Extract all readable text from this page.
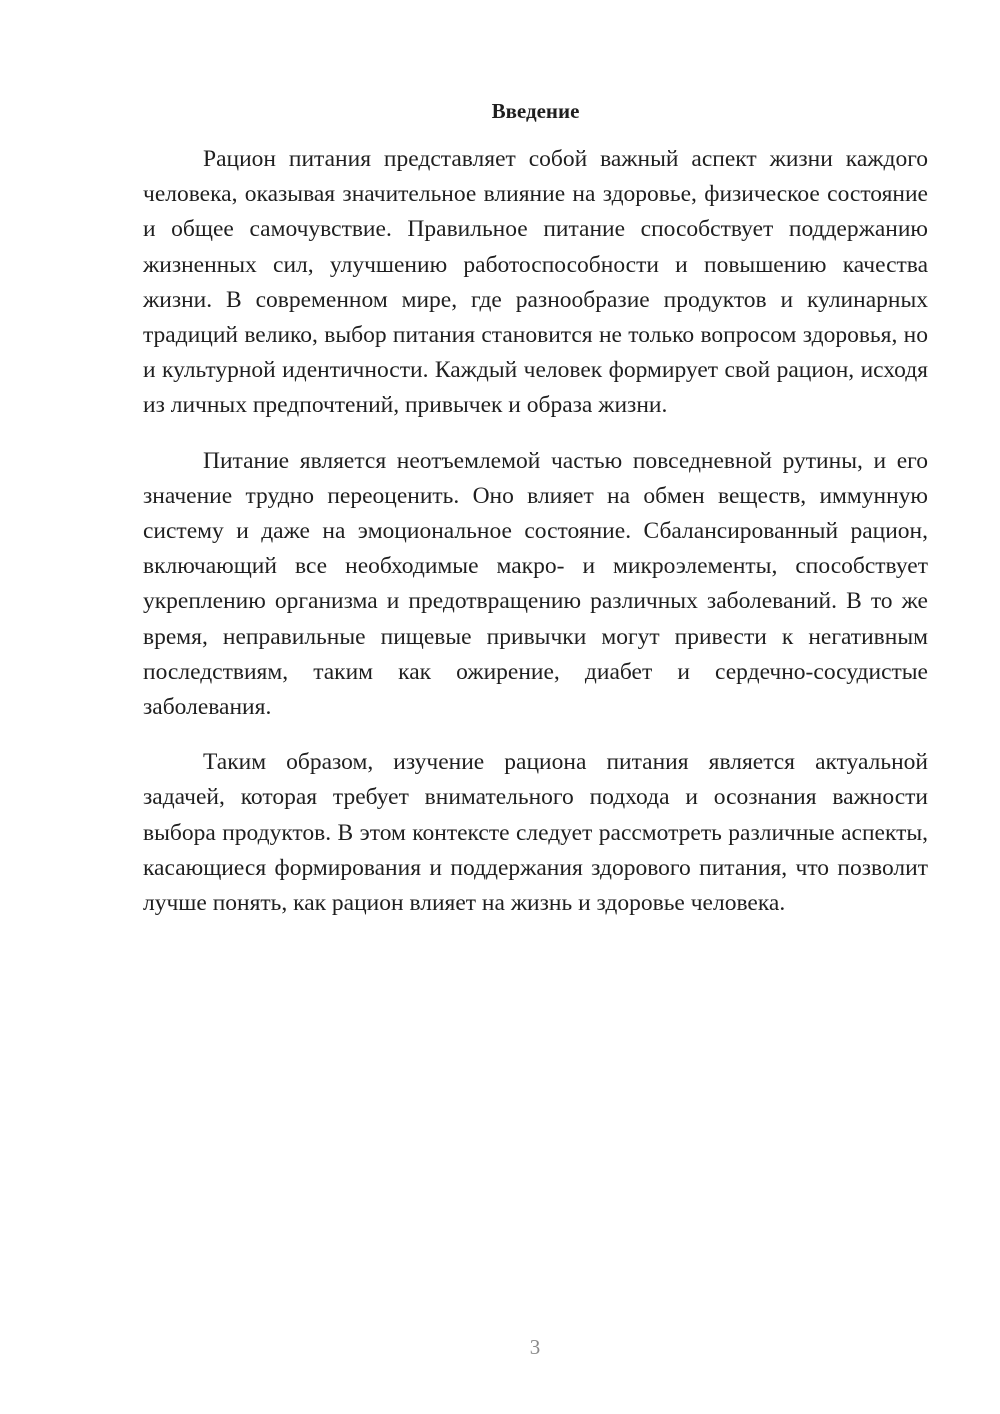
Введение

Рацион питания представляет собой важный аспект жизни каждого человека, оказывая значительное влияние на здоровье, физическое состояние и общее самочувствие. Правильное питание способствует поддержанию жизненных сил, улучшению работоспособности и повышению качества жизни. В современном мире, где разнообразие продуктов и кулинарных традиций велико, выбор питания становится не только вопросом здоровья, но и культурной идентичности. Каждый человек формирует свой рацион, исходя из личных предпочтений, привычек и образа жизни.

Питание является неотъемлемой частью повседневной рутины, и его значение трудно переоценить. Оно влияет на обмен веществ, иммунную систему и даже на эмоциональное состояние. Сбалансированный рацион, включающий все необходимые макро- и микроэлементы, способствует укреплению организма и предотвращению различных заболеваний. В то же время, неправильные пищевые привычки могут привести к негативным последствиям, таким как ожирение, диабет и сердечно-сосудистые заболевания.

Таким образом, изучение рациона питания является актуальной задачей, которая требует внимательного подхода и осознания важности выбора продуктов. В этом контексте следует рассмотреть различные аспекты, касающиеся формирования и поддержания здорового питания, что позволит лучше понять, как рацион влияет на жизнь и здоровье человека.

3
